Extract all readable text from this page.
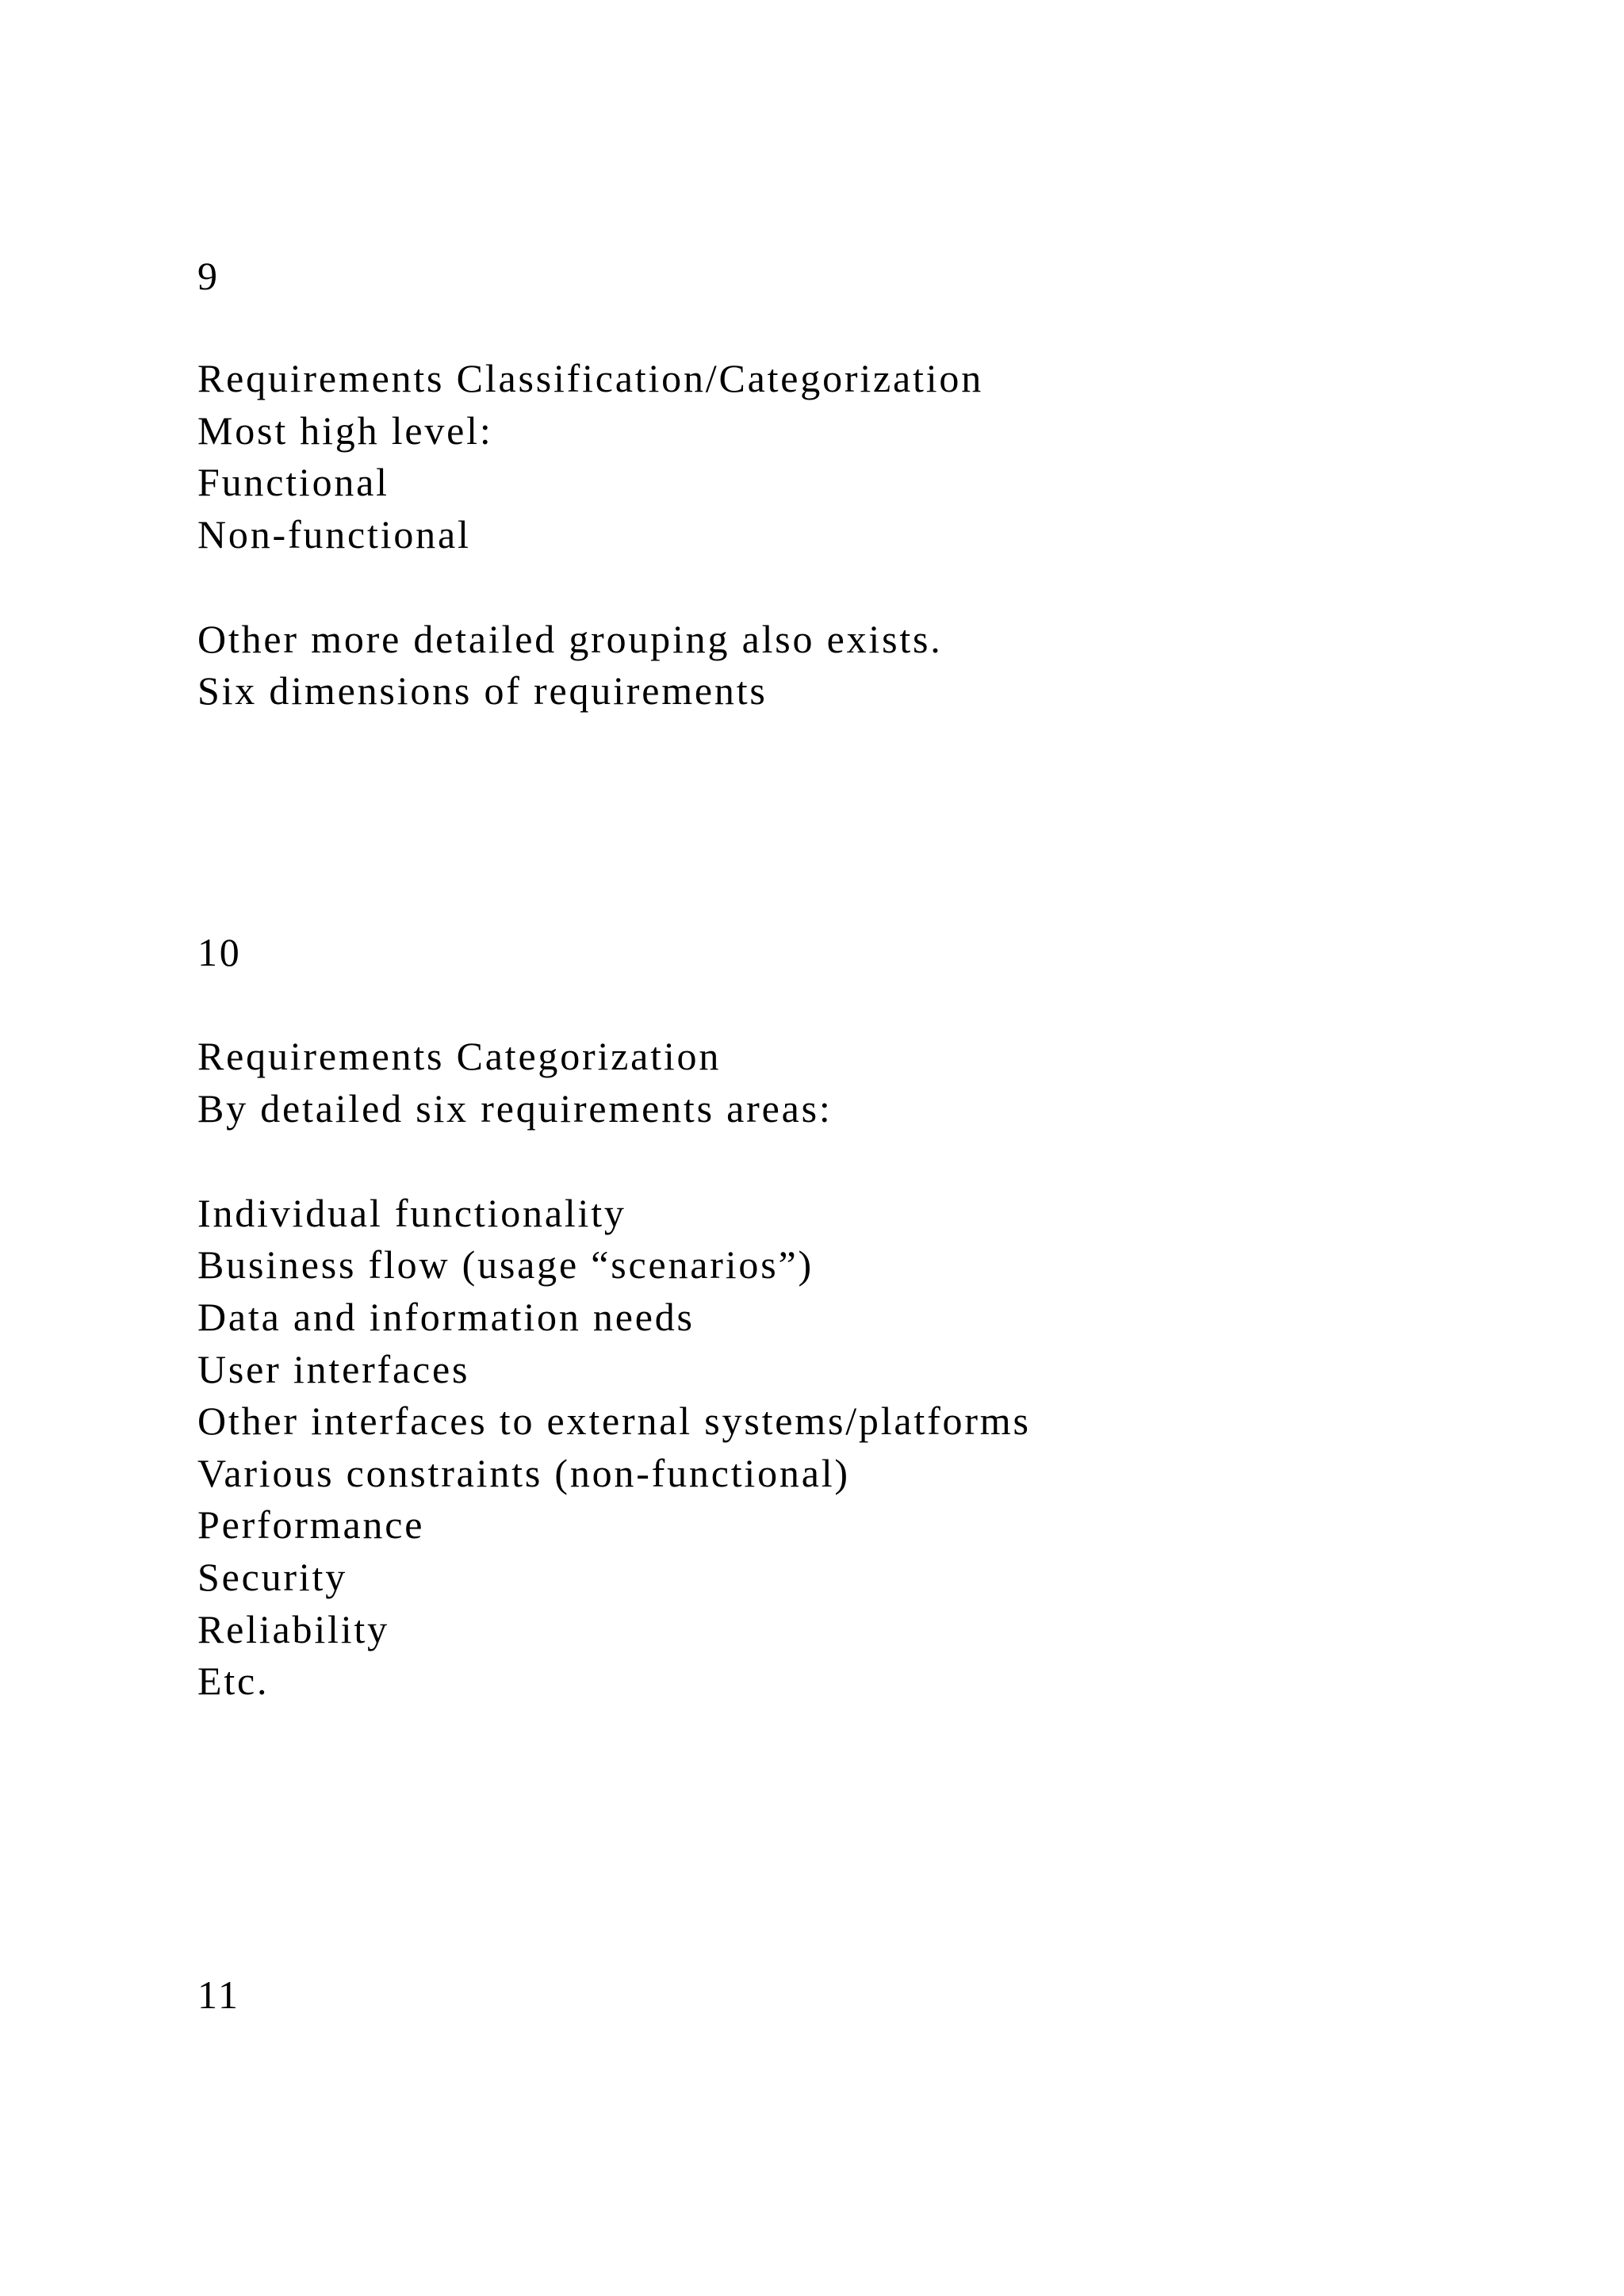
9

Requirements Classification/Categorization

Most high level:

Functional

Non-functional

Other more detailed grouping also exists.

Six dimensions of requirements

10

Requirements Categorization

By detailed six requirements areas:

Individual functionality

Business flow (usage “scenarios”)

Data and information needs

User interfaces

Other interfaces to external systems/platforms

Various constraints (non-functional)

Performance

Security

Reliability

Etc.

11
